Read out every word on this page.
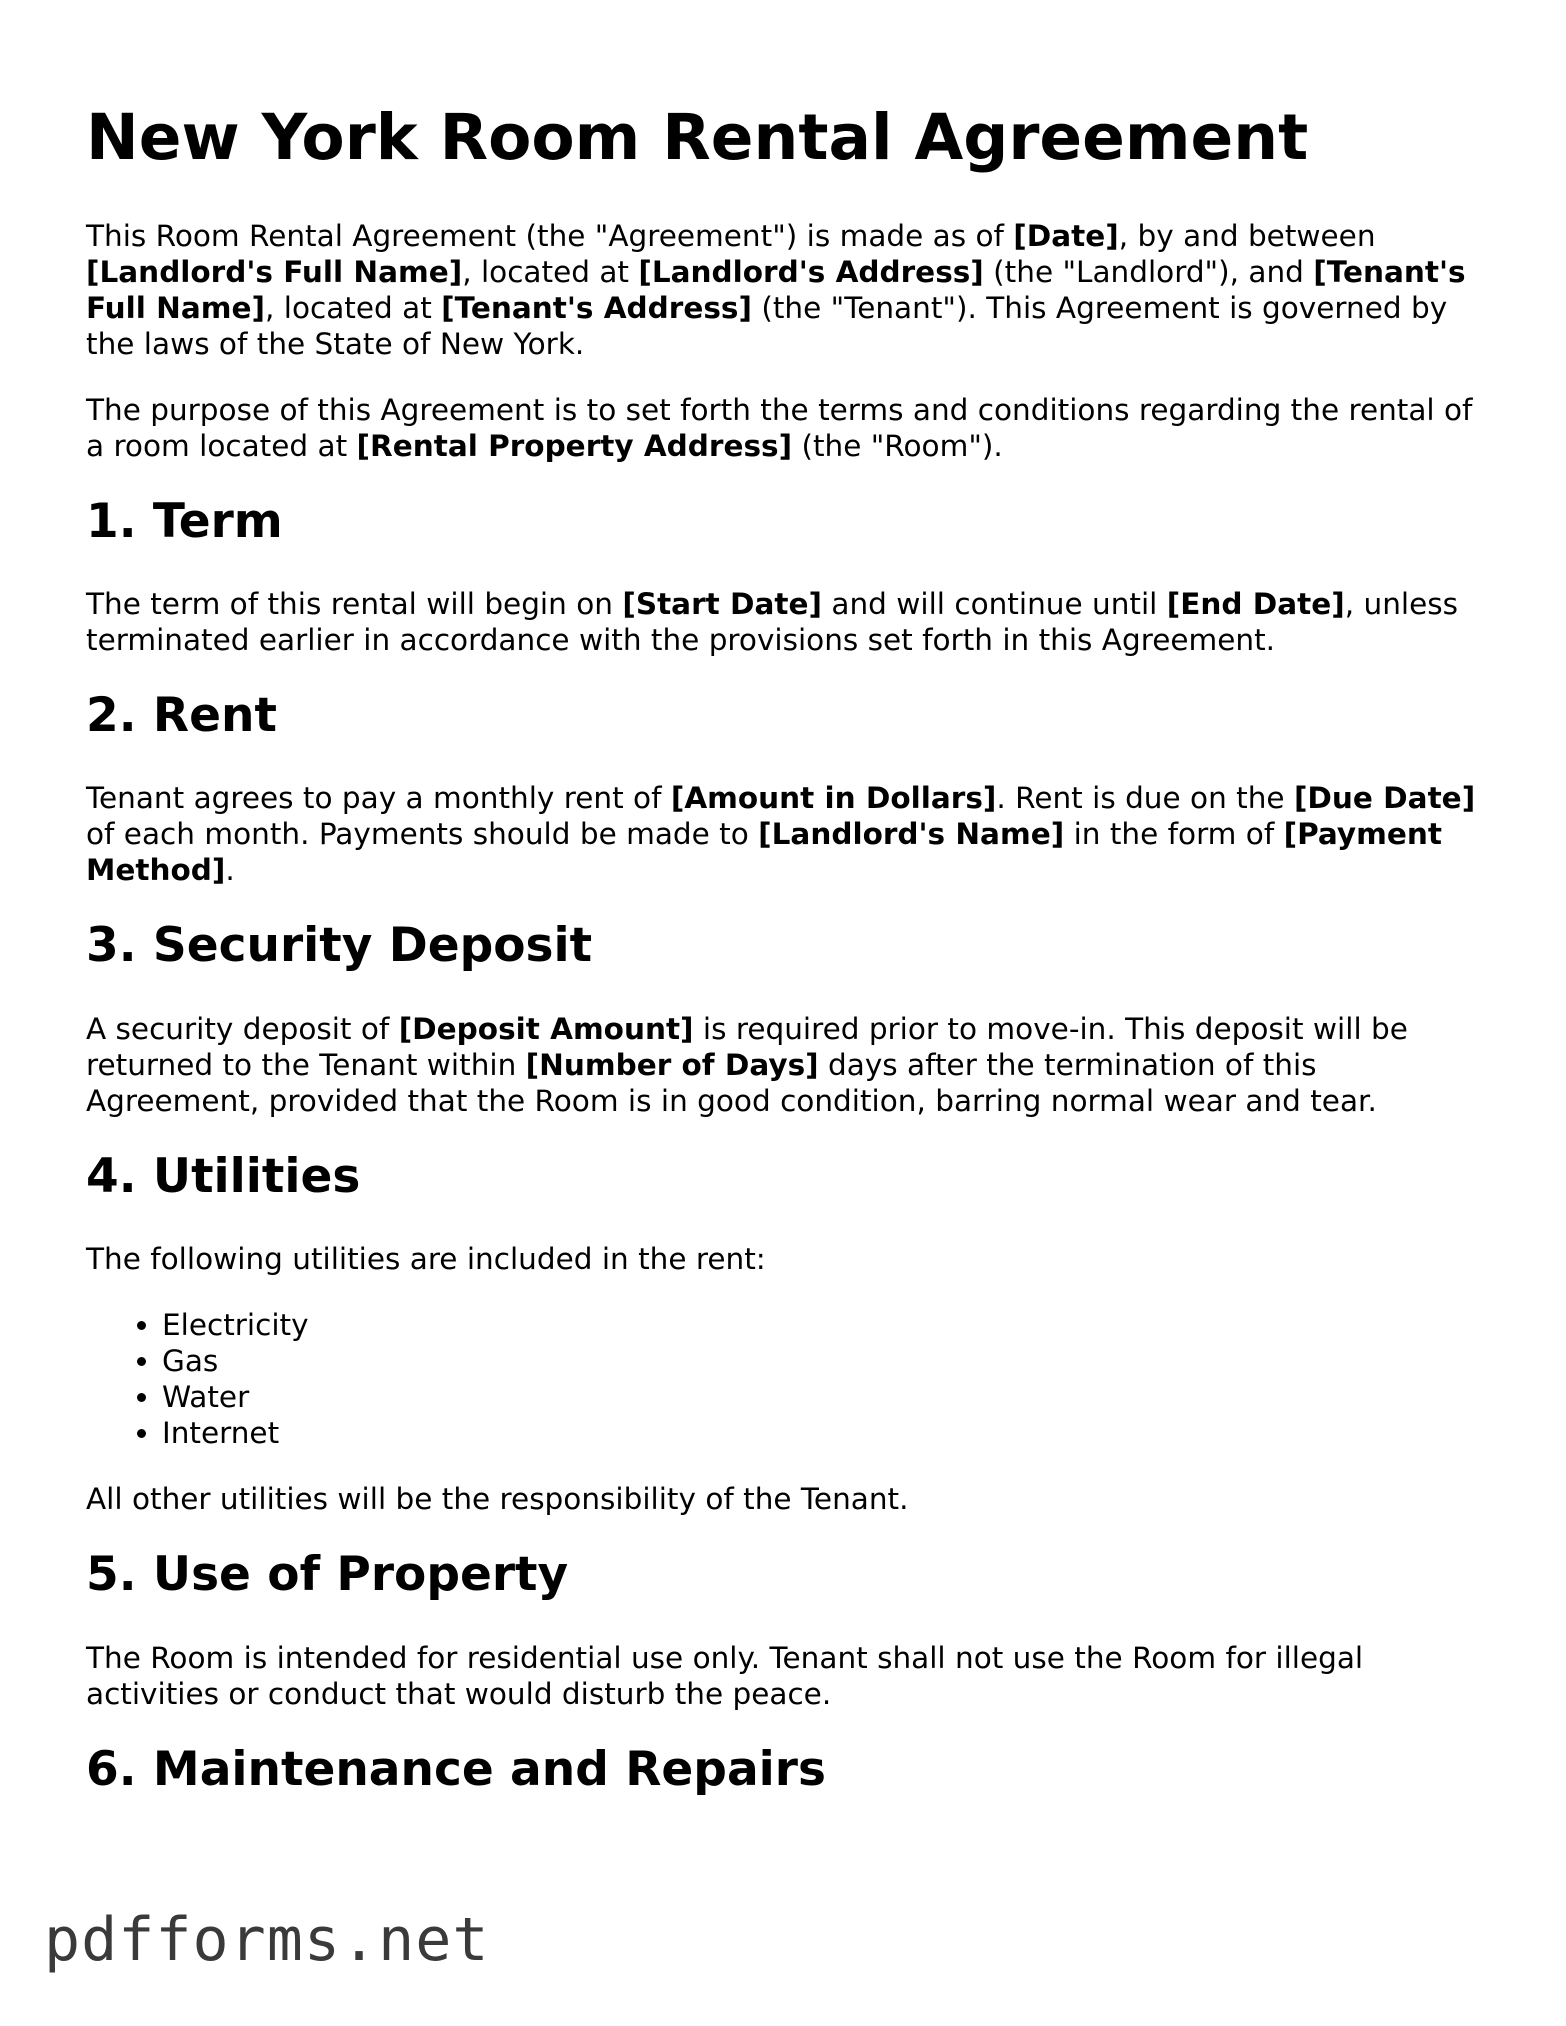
New York Room Rental Agreement

This Room Rental Agreement (the "Agreement") is made as of [Date], by and between [Landlord's Full Name], located at [Landlord's Address] (the "Landlord"), and [Tenant's Full Name], located at [Tenant's Address] (the "Tenant"). This Agreement is governed by the laws of the State of New York.

The purpose of this Agreement is to set forth the terms and conditions regarding the rental of a room located at [Rental Property Address] (the "Room").

1. Term

The term of this rental will begin on [Start Date] and will continue until [End Date], unless terminated earlier in accordance with the provisions set forth in this Agreement.

2. Rent

Tenant agrees to pay a monthly rent of [Amount in Dollars]. Rent is due on the [Due Date] of each month. Payments should be made to [Landlord's Name] in the form of [Payment Method].

3. Security Deposit

A security deposit of [Deposit Amount] is required prior to move-in. This deposit will be returned to the Tenant within [Number of Days] days after the termination of this Agreement, provided that the Room is in good condition, barring normal wear and tear.

4. Utilities

The following utilities are included in the rent:

• Electricity
• Gas
• Water
• Internet

All other utilities will be the responsibility of the Tenant.

5. Use of Property

The Room is intended for residential use only. Tenant shall not use the Room for illegal activities or conduct that would disturb the peace.

6. Maintenance and Repairs
pdfforms.net
